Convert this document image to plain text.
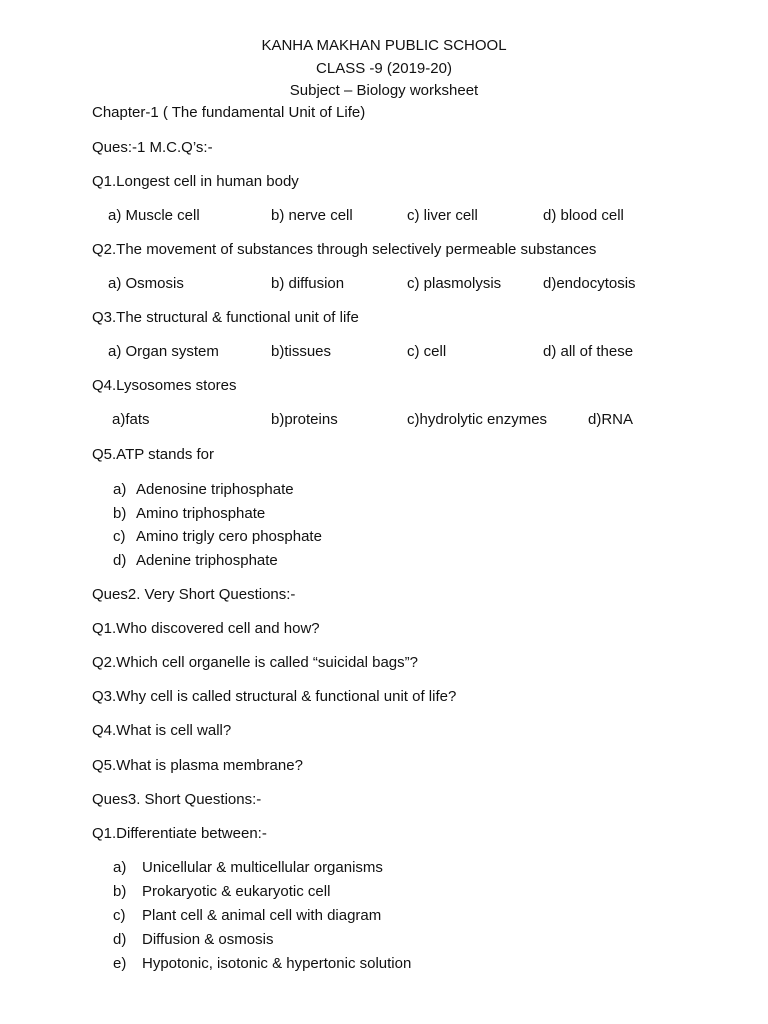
KANHA MAKHAN PUBLIC SCHOOL
CLASS -9 (2019-20)
Subject – Biology worksheet
Chapter-1 ( The fundamental Unit of Life)
Ques:-1 M.C.Q’s:-
Q1.Longest cell in human body
a) Muscle cell	b) nerve cell	c) liver cell	d) blood cell
Q2.The movement of substances through selectively permeable substances
a) Osmosis	b) diffusion	c) plasmolysis	d)endocytosis
Q3.The structural & functional unit of life
a) Organ system	b)tissues	c) cell	d) all of these
Q4.Lysosomes stores
a)fats	b)proteins	c)hydrolytic enzymes	d)RNA
Q5.ATP stands for
a) Adenosine triphosphate
b) Amino triphosphate
c) Amino trigly cero phosphate
d) Adenine triphosphate
Ques2. Very Short Questions:-
Q1.Who discovered cell and how?
Q2.Which cell organelle is called “suicidal bags”?
Q3.Why cell is called structural & functional unit of life?
Q4.What is cell wall?
Q5.What is plasma membrane?
Ques3. Short Questions:-
Q1.Differentiate between:-
a) Unicellular & multicellular organisms
b) Prokaryotic & eukaryotic cell
c) Plant cell & animal cell with diagram
d) Diffusion & osmosis
e) Hypotonic, isotonic & hypertonic solution
